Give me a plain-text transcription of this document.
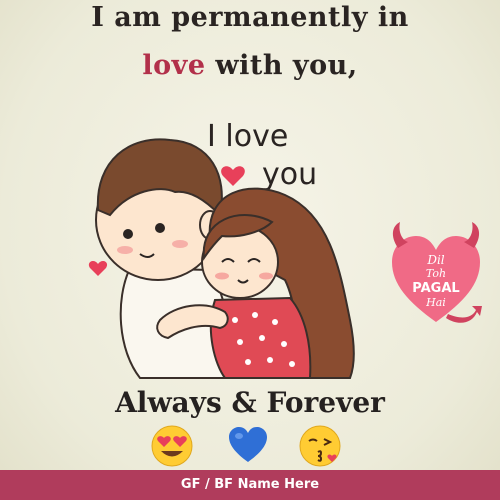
I am permanently in
love with you,
I love
you
Dil
Toh
PAGAL
Hai
Always & Forever
GF / BF Name Here
